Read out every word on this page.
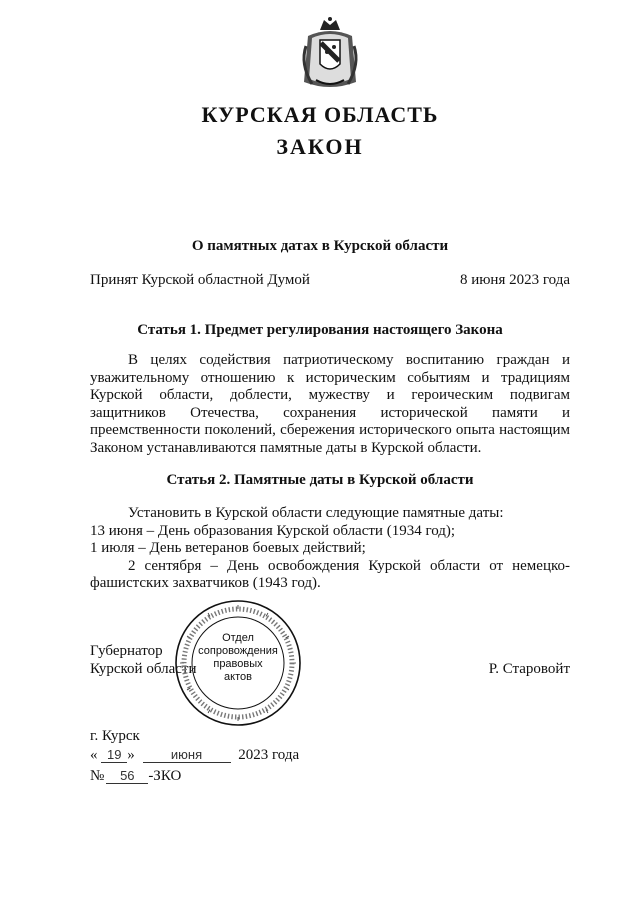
КУРСКАЯ ОБЛАСТЬ
ЗАКОН
О памятных датах в Курской области
Принят Курской областной Думой	8 июня 2023 года
Статья 1. Предмет регулирования настоящего Закона
В целях содействия патриотическому воспитанию граждан и уважительному отношению к историческим событиям и традициям Курской области, доблести, мужеству и героическим подвигам защитников Отечества, сохранения исторической памяти и преемственности поколений, сбережения исторического опыта настоящим Законом устанавливаются памятные даты в Курской области.
Статья 2. Памятные даты в Курской области
Установить в Курской области следующие памятные даты:
13 июня – День образования Курской области (1934 год);
1 июля – День ветеранов боевых действий;
2 сентября – День освобождения Курской области от немецко-
фашистских захватчиков (1943 год).
Губернатор
Курской области	Р. Старовойт
Отдел
сопровождения
правовых
актов
г. Курск
« 19 »	июня 2023 года
№ 56 -ЗКО
